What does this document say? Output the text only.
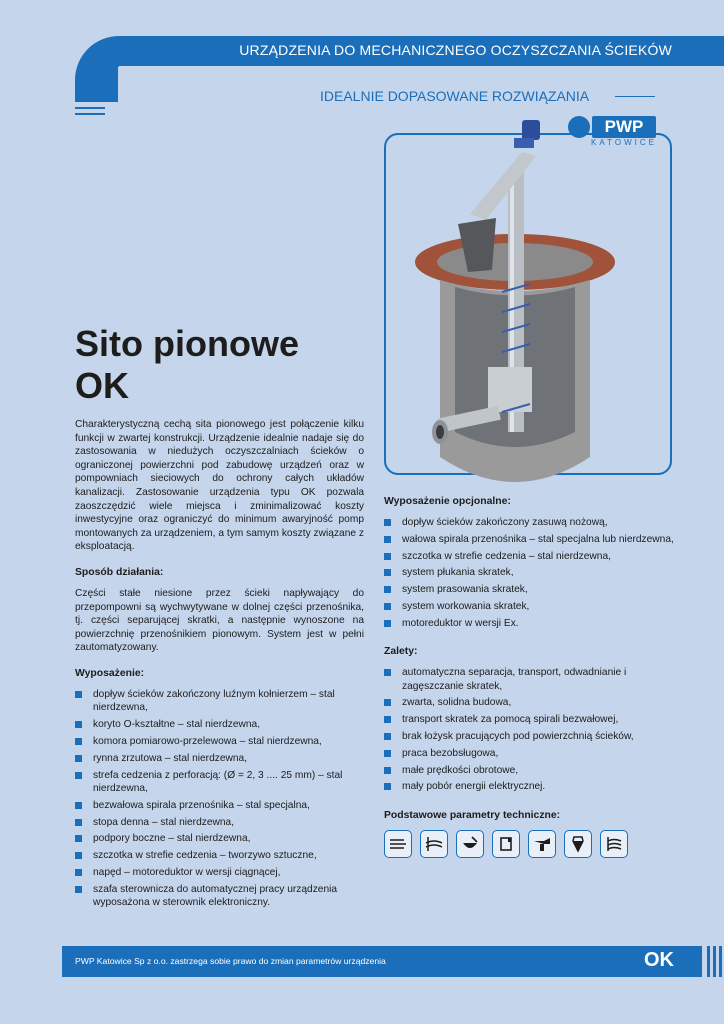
URZĄDZENIA DO MECHANICZNEGO OCZYSZCZANIA ŚCIEKÓW
IDEALNIE DOPASOWANE ROZWIĄZANIA
PWP
KATOWICE
Sito pionowe
OK

Charakterystyczną cechą sita pionowego jest połączenie kilku funkcji w zwartej konstrukcji. Urządzenie idealnie nadaje się do zastosowania w niedużych oczyszczalniach ścieków o ograniczonej powierzchni pod zabudowę urządzeń oraz w pompowniach sieciowych do ochrony całych układów kanalizacji. Zastosowanie urządzenia typu OK pozwala zaoszczędzić wiele miejsca i zminimalizować koszty inwestycyjne oraz ograniczyć do minimum awaryjność pomp montowanych za urządzeniem, a tym samym koszty związane z eksploatacją.

Sposób działania:

Części stałe niesione przez ścieki napływający do przepompowni są wychwytywane w dolnej części przenośnika, tj. części separującej skratki, a następnie wynoszone na powierzchnię przenośnikiem pionowym. System jest w pełni zautomatyzowany.

Wyposażenie:
dopływ ścieków zakończony luźnym kołnierzem – stal nierdzewna,
koryto O-kształtne – stal nierdzewna,
komora pomiarowo-przelewowa – stal nierdzewna,
rynna zrzutowa – stal nierdzewna,
strefa cedzenia z perforacją: (Ø = 2, 3 .... 25 mm) – stal nierdzewna,
bezwałowa spirala przenośnika – stal specjalna,
stopa denna – stal nierdzewna,
podpory boczne – stal nierdzewna,
szczotka w strefie cedzenia – tworzywo sztuczne,
napęd – motoreduktor w wersji ciągnącej,
szafa sterownicza do automatycznej pracy urządzenia wyposażona w sterownik elektroniczny.
Wyposażenie opcjonalne:
dopływ ścieków zakończony zasuwą nożową,
wałowa spirala przenośnika – stal specjalna lub nierdzewna,
szczotka w strefie cedzenia – stal nierdzewna,
system płukania skratek,
system prasowania skratek,
system workowania skratek,
motoreduktor w wersji Ex.
Zalety:
automatyczna separacja, transport, odwadnianie i zagęszczanie skratek,
zwarta, solidna budowa,
transport skratek za pomocą spirali bezwałowej,
brak łożysk pracujących pod powierzchnią ścieków,
praca bezobsługowa,
małe prędkości obrotowe,
mały pobór energii elektrycznej.
Podstawowe parametry techniczne:
PWP Katowice Sp z o.o. zastrzega sobie prawo do zmian parametrów urządzenia	OK
